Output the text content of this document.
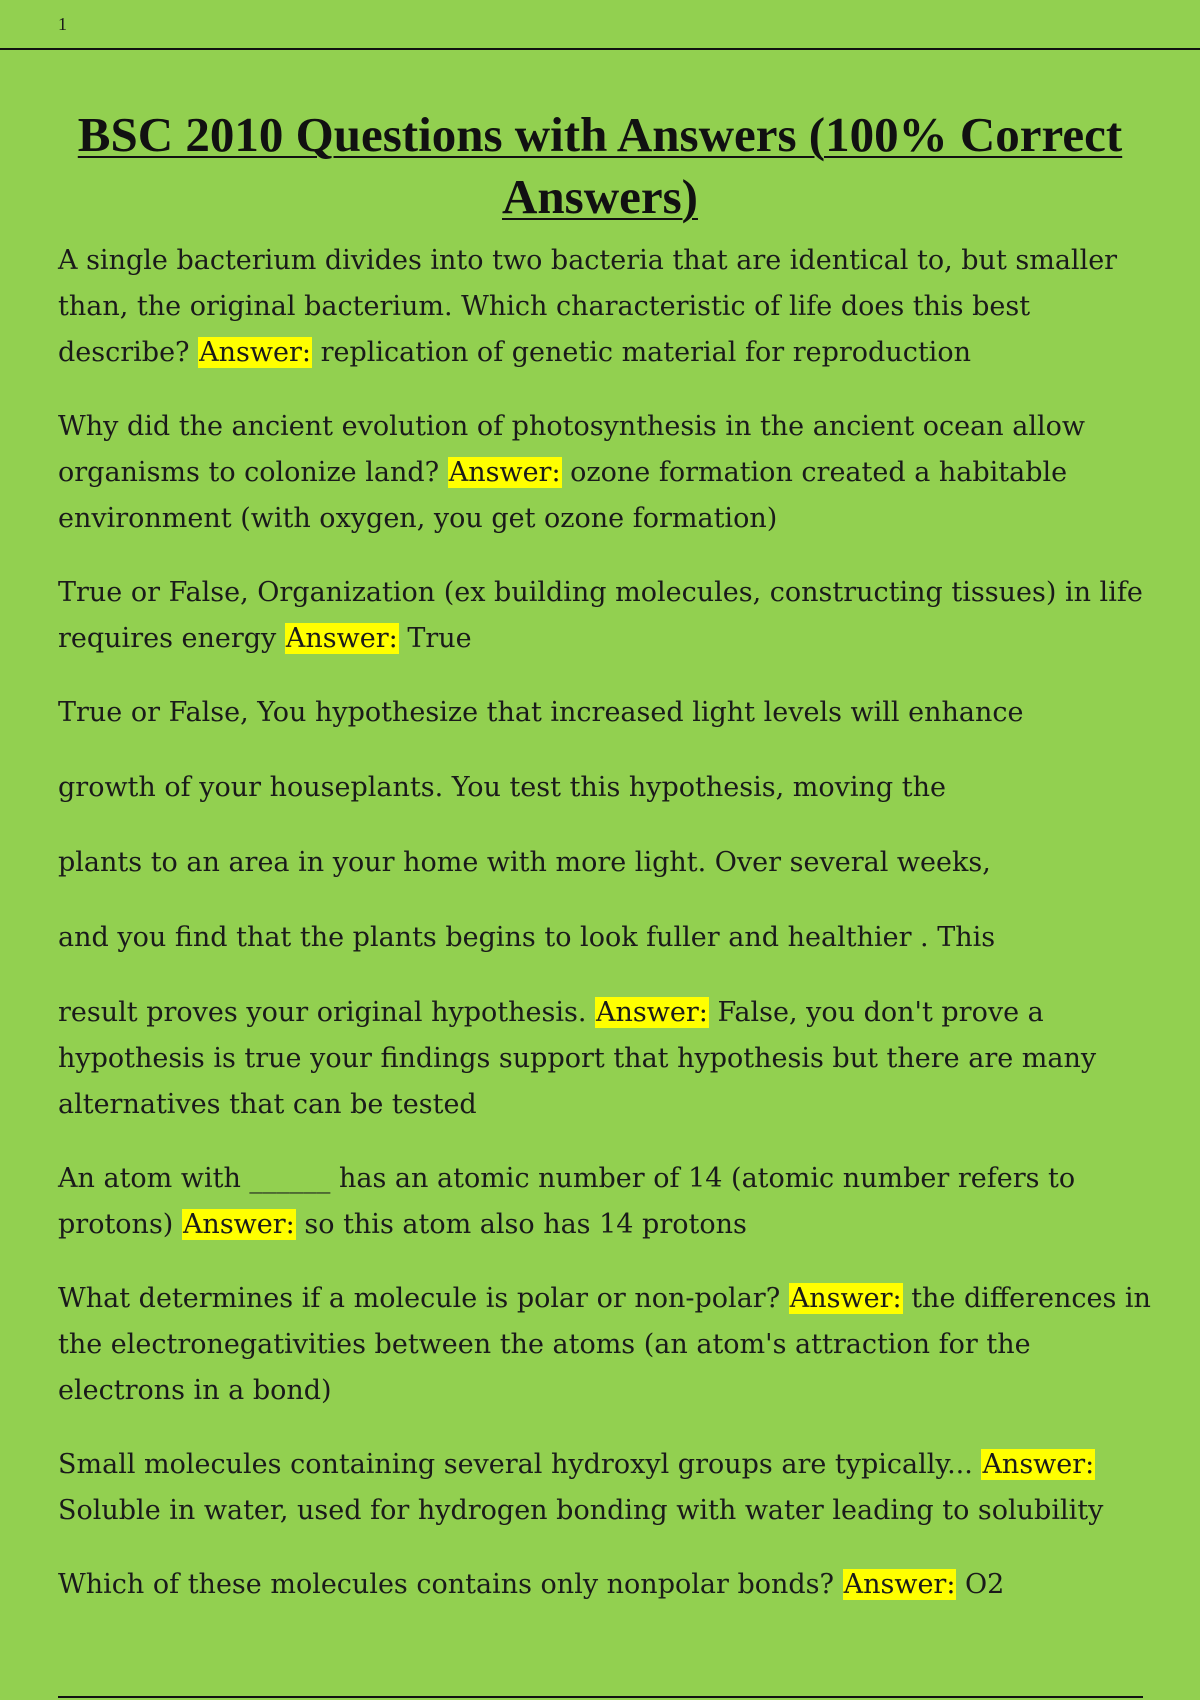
1
BSC 2010 Questions with Answers (100% Correct Answers)

A single bacterium divides into two bacteria that are identical to, but smaller than, the original bacterium. Which characteristic of life does this best describe? Answer: replication of genetic material for reproduction

Why did the ancient evolution of photosynthesis in the ancient ocean allow organisms to colonize land? Answer: ozone formation created a habitable environment (with oxygen, you get ozone formation)

True or False, Organization (ex building molecules, constructing tissues) in life requires energy Answer: True

True or False, You hypothesize that increased light levels will enhance
growth of your houseplants. You test this hypothesis, moving the
plants to an area in your home with more light. Over several weeks,
and you find that the plants begins to look fuller and healthier . This
result proves your original hypothesis. Answer: False, you don't prove a hypothesis is true your findings support that hypothesis but there are many alternatives that can be tested

An atom with ______ has an atomic number of 14 (atomic number refers to protons) Answer: so this atom also has 14 protons

What determines if a molecule is polar or non-polar? Answer: the differences in the electronegativities between the atoms (an atom's attraction for the electrons in a bond)

Small molecules containing several hydroxyl groups are typically... Answer: Soluble in water, used for hydrogen bonding with water leading to solubility

Which of these molecules contains only nonpolar bonds? Answer: O2
